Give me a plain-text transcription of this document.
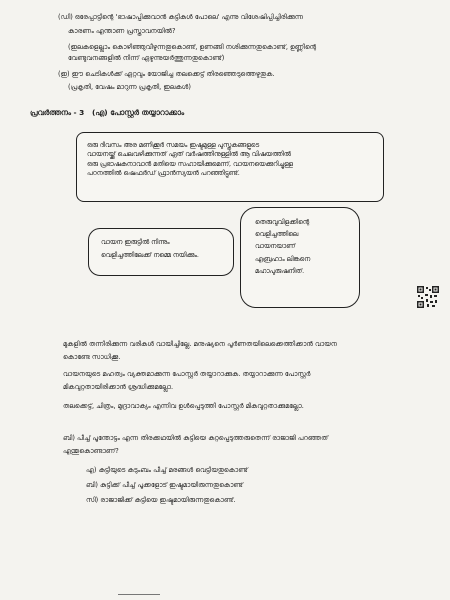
(ഡി) ഒരേപ്പാട്ടിന്റെ 'ഭാഷാപ്പിക്കുവാൻ കുട്ടികൾ പോലെ' എന്നു വിശേഷിപ്പിച്ചിരിക്കുന്ന

കാരണം എന്താണ പ്രസ്താവനയിൽ?

(ഇലകളെല്ലാം കൊഴിഞ്ഞുവീഴുന്നതുകൊണ്ട്, ഉണങ്ങി നശിക്കുന്നതുകൊണ്ട്, ഉണ്ണിന്റെ

വേണ്ടുവനങ്ങളിൽ നിന്ന് ഏഴുന്നുയർത്തുന്നതുകൊണ്ട്)

(ഇ) ഈ ചെടികൾക്ക് ഏറ്റവും യോജിച്ച തലക്കെട്ട് തിരഞ്ഞെടുത്തെഴുതുക.

(പ്രകൃതി, വേഷം മാറുന്ന പ്രകൃതി, ഇലകൾ)

പ്രവർത്തനം - 3 (എ) പോസ്റ്റർ തയ്യാറാക്കാം

ഒരു ദിവസം അര മണിക്കൂർ സമയം ഇഷ്ടമുള്ള പുസ്തകങ്ങളുടെ

വായനയ്ക്ക് ചെലവഴിക്കുന്നത് ഏത് വർഷത്തിനുള്ളിൽ ആ വിഷയത്തിൽ

ഒരു പ്രഭാഷകനാവാൻ മതിയെ സഹായിക്കുമെന്ന്, വായനയെക്കുറിച്ചുള്ള

പഠനത്തിൽ ഷെഫർഡ് ഫ്രാൻസ്യയൻ പറഞ്ഞിട്ടുണ്ട്.

വായന ഇരുട്ടിൽ നിന്നും

വെളിച്ചത്തിലേക്ക് നമ്മെ നയിക്കും.

തെരുവുവിളക്കിന്റെ

വെളിച്ചത്തിലെ

വായനയാണ്

എബ്രഹാം ലിങ്കനെ

മഹാപുരുഷനിത്.

മുകളിൽ തന്നിരിക്കുന്ന വരികൾ വായിച്ചില്ലേ. മനുഷ്യനെ പൂർണതയിലെക്കെത്തിക്കാൻ വായന

കൊണ്ടേ സാധിക്കൂ.

വായനയുടെ മഹത്വം വ്യക്തമാക്കുന്ന പോസ്റ്റർ തയ്യാറാക്കുക. തയ്യാറാക്കുന്ന പോസ്റ്റർ

മികവുറ്റതായിരിക്കാൻ ശ്രദ്ധിക്കുമല്ലോ.

തലക്കെട്ട്, ചിത്രം, മുദ്രാവാക്യം എന്നിവ ഉൾപ്പെടുത്തി പോസ്റ്റർ മികവുറ്റതാക്കുമല്ലോ.

ബി) പീച്ച് പൂന്തോട്ടം എന്ന തിരക്കഥയിൽ കുട്ടിയെ കുറ്റപ്പെടുത്തരുതെന്ന് രാജാജി പറഞ്ഞത്

എന്തുകൊണ്ടാണ്?

എ) കുട്ടിയുടെ കുടുംബം പീച്ച് മരങ്ങൾ വെട്ടിയതുകൊണ്ട്

ബി) കുട്ടിക്ക് പീച്ച് പൂക്കളോട് ഇഷ്ടമായിരുന്നതുകൊണ്ട്

സി) രാജാജിക്ക് കുട്ടിയെ ഇഷ്ടമായിരുന്നതുകൊണ്ട്.
